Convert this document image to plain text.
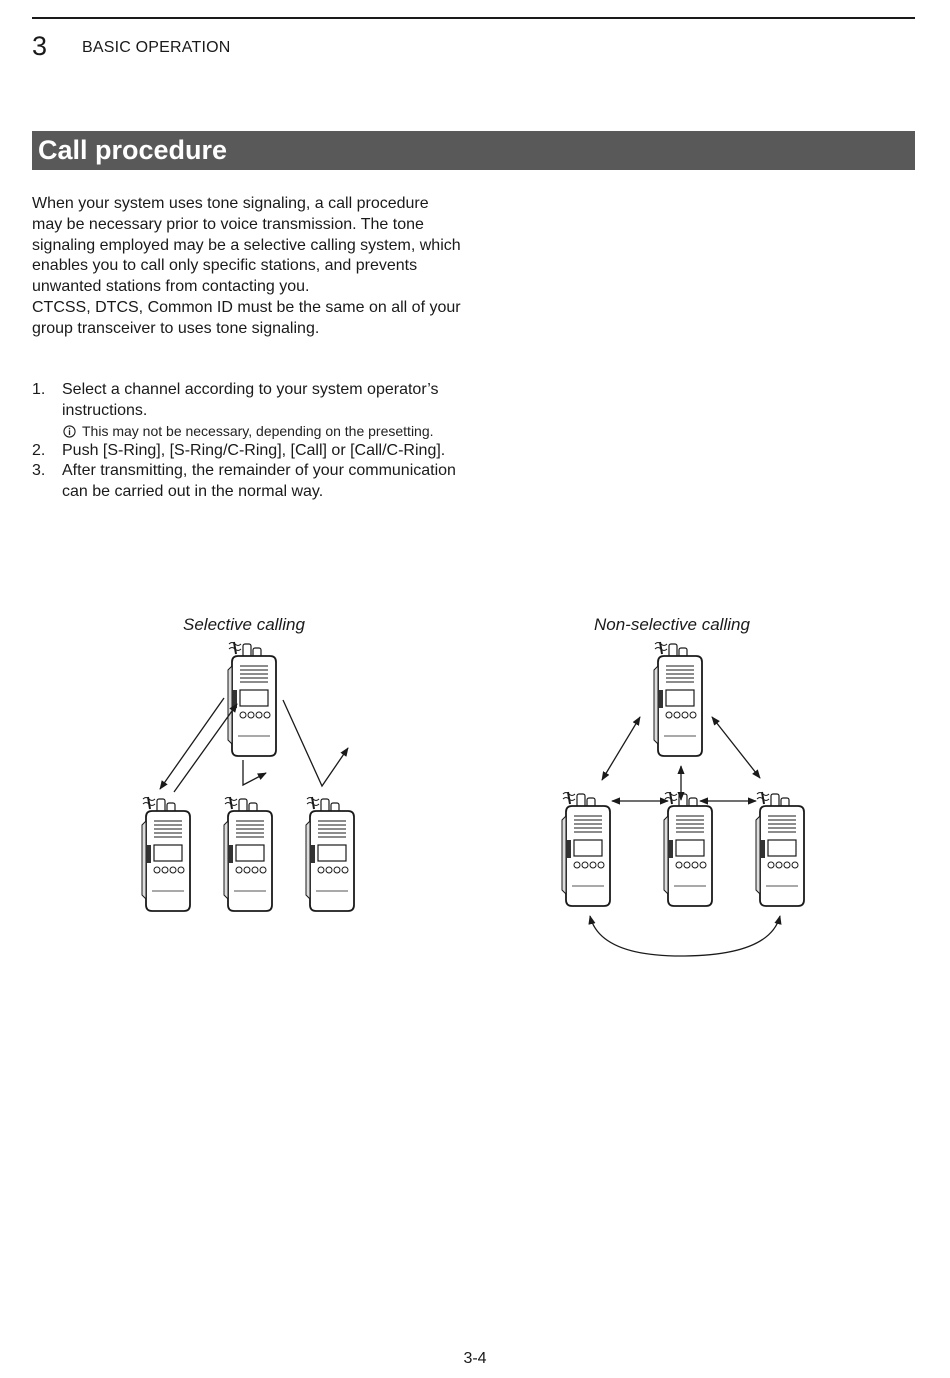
3 BASIC OPERATION
Call procedure

When your system uses tone signaling, a call procedure may be necessary prior to voice transmission. The tone signaling employed may be a selective calling system, which enables you to call only specific stations, and prevents unwanted stations from contacting you.

CTCSS, DTCS, Common ID must be the same on all of your group transceiver to uses tone signaling.

1. Select a channel according to your system operator’s instructions.
This may not be necessary, depending on the presetting.
2. Push [S-Ring], [S-Ring/C-Ring], [Call] or [Call/C-Ring].
3. After transmitting, the remainder of your communication can be carried out in the normal way.
Selective calling	Non-selective calling
3-4
